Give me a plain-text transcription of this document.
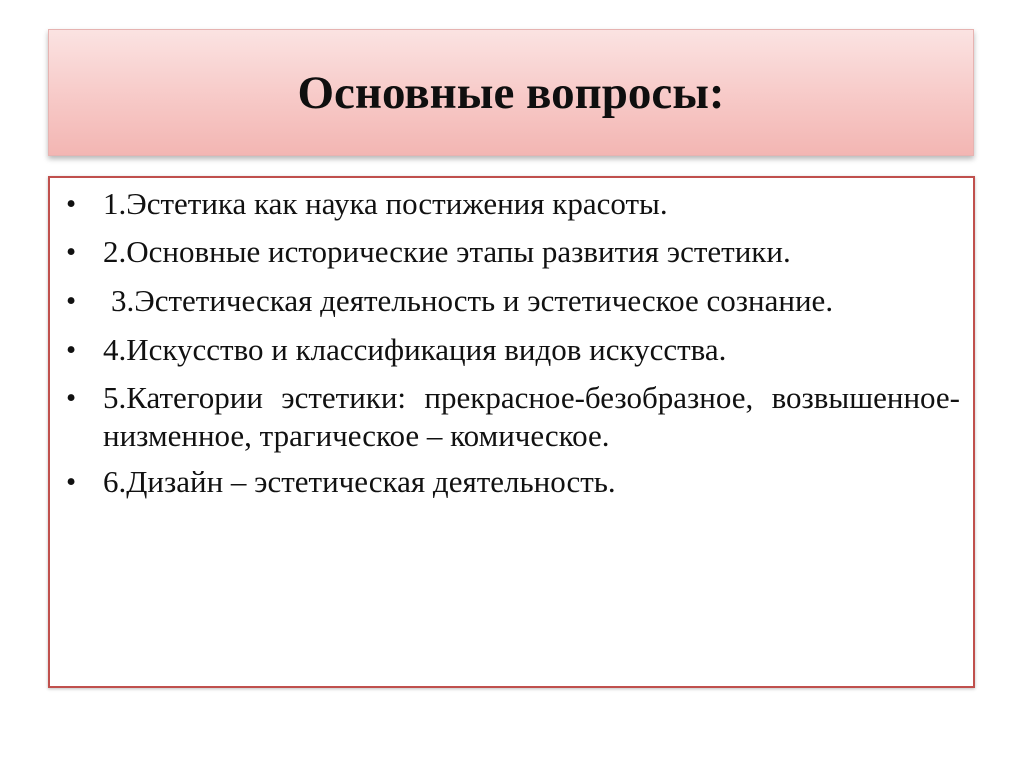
Основные вопросы:
• 1.Эстетика как наука постижения красоты.
• 2.Основные исторические этапы развития эстетики.
•	3.Эстетическая деятельность и эстетическое сознание.
• 4.Искусство и классификация видов искусства.
• 5.Категории эстетики: прекрасное-безобразное, возвышенное-низменное, трагическое – комическое.
• 6.Дизайн – эстетическая деятельность.
